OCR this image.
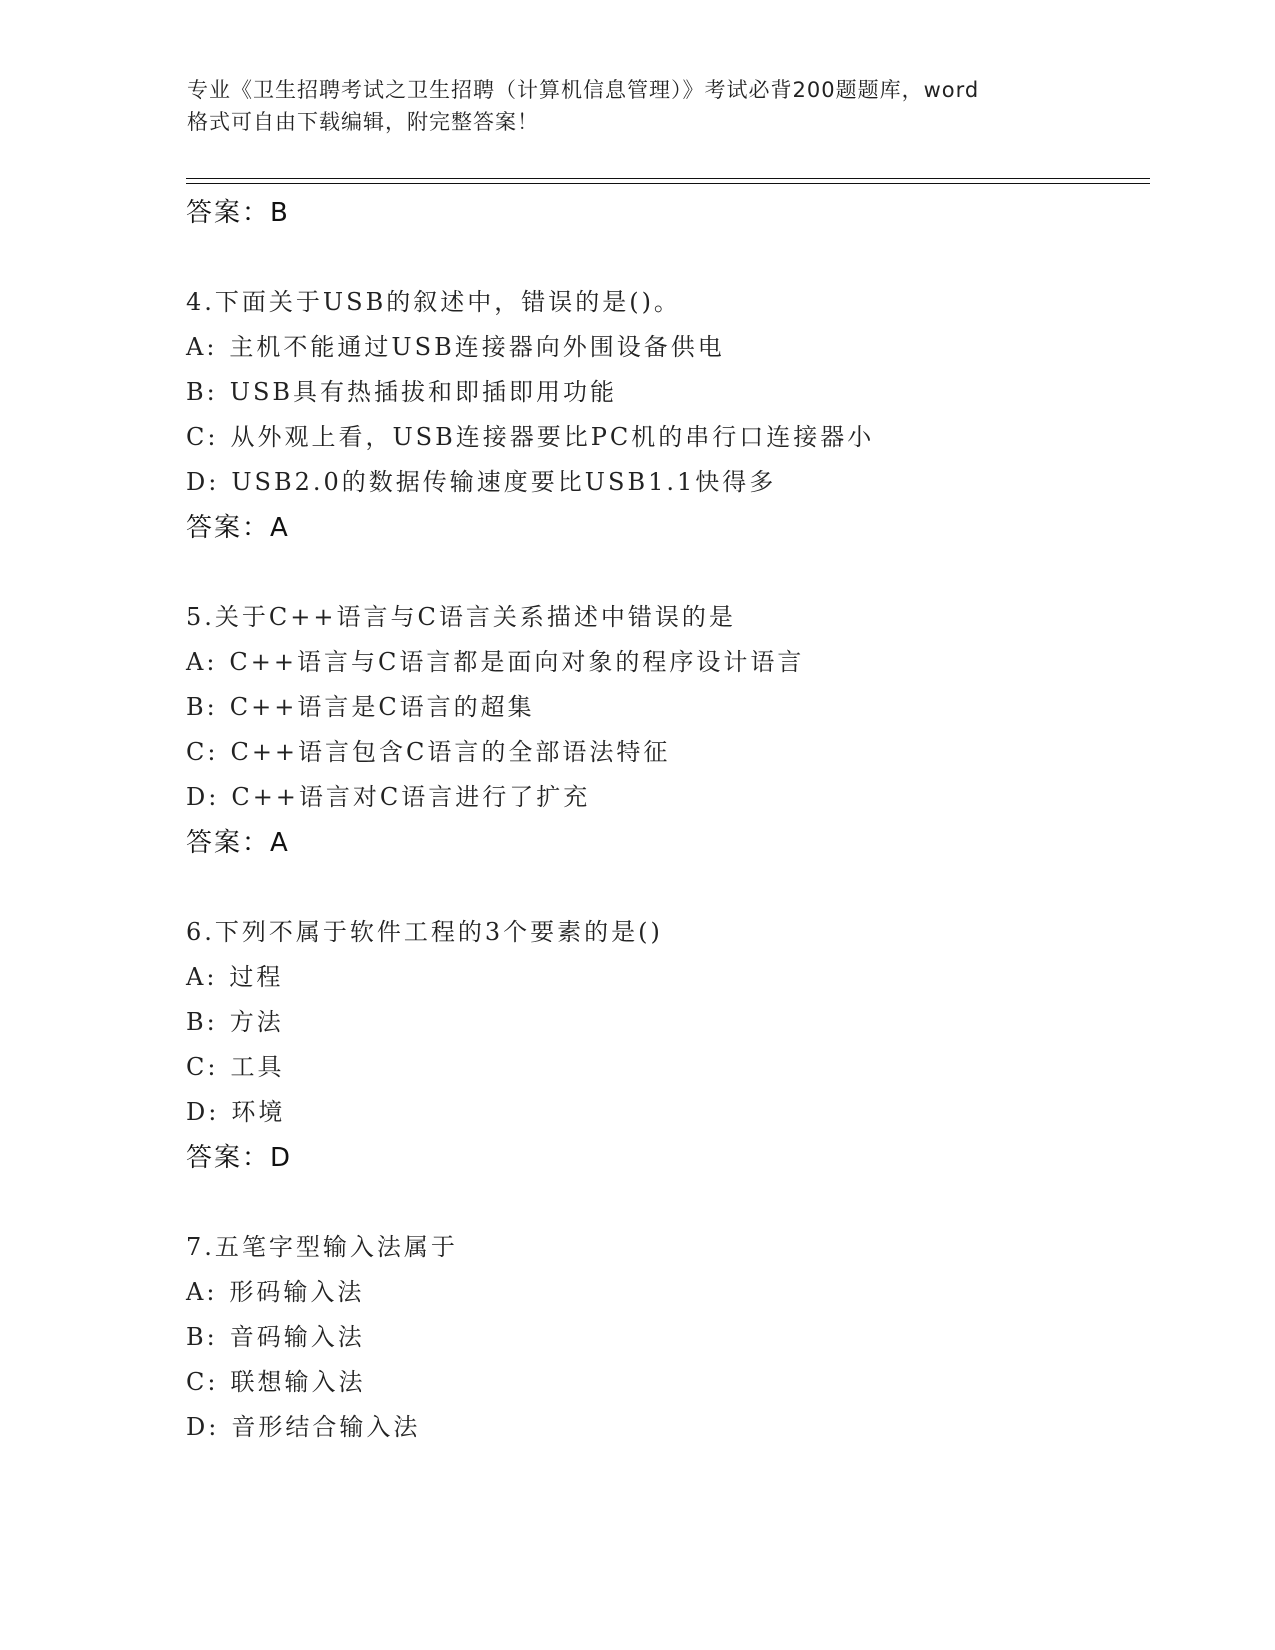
专业《卫生招聘考试之卫生招聘（计算机信息管理）》考试必背200题题库，word
格式可自由下载编辑，附完整答案！
答案：B
4.下面关于USB的叙述中，错误的是()。
A: 主机不能通过USB连接器向外围设备供电
B: USB具有热插拔和即插即用功能
C: 从外观上看，USB连接器要比PC机的串行口连接器小
D: USB2.0的数据传输速度要比USB1.1快得多
答案：A
5.关于C++语言与C语言关系描述中错误的是
A: C++语言与C语言都是面向对象的程序设计语言
B: C++语言是C语言的超集
C: C++语言包含C语言的全部语法特征
D: C++语言对C语言进行了扩充
答案：A
6.下列不属于软件工程的3个要素的是()
A: 过程
B: 方法
C: 工具
D: 环境
答案：D
7.五笔字型输入法属于
A: 形码输入法
B: 音码输入法
C: 联想输入法
D: 音形结合输入法
